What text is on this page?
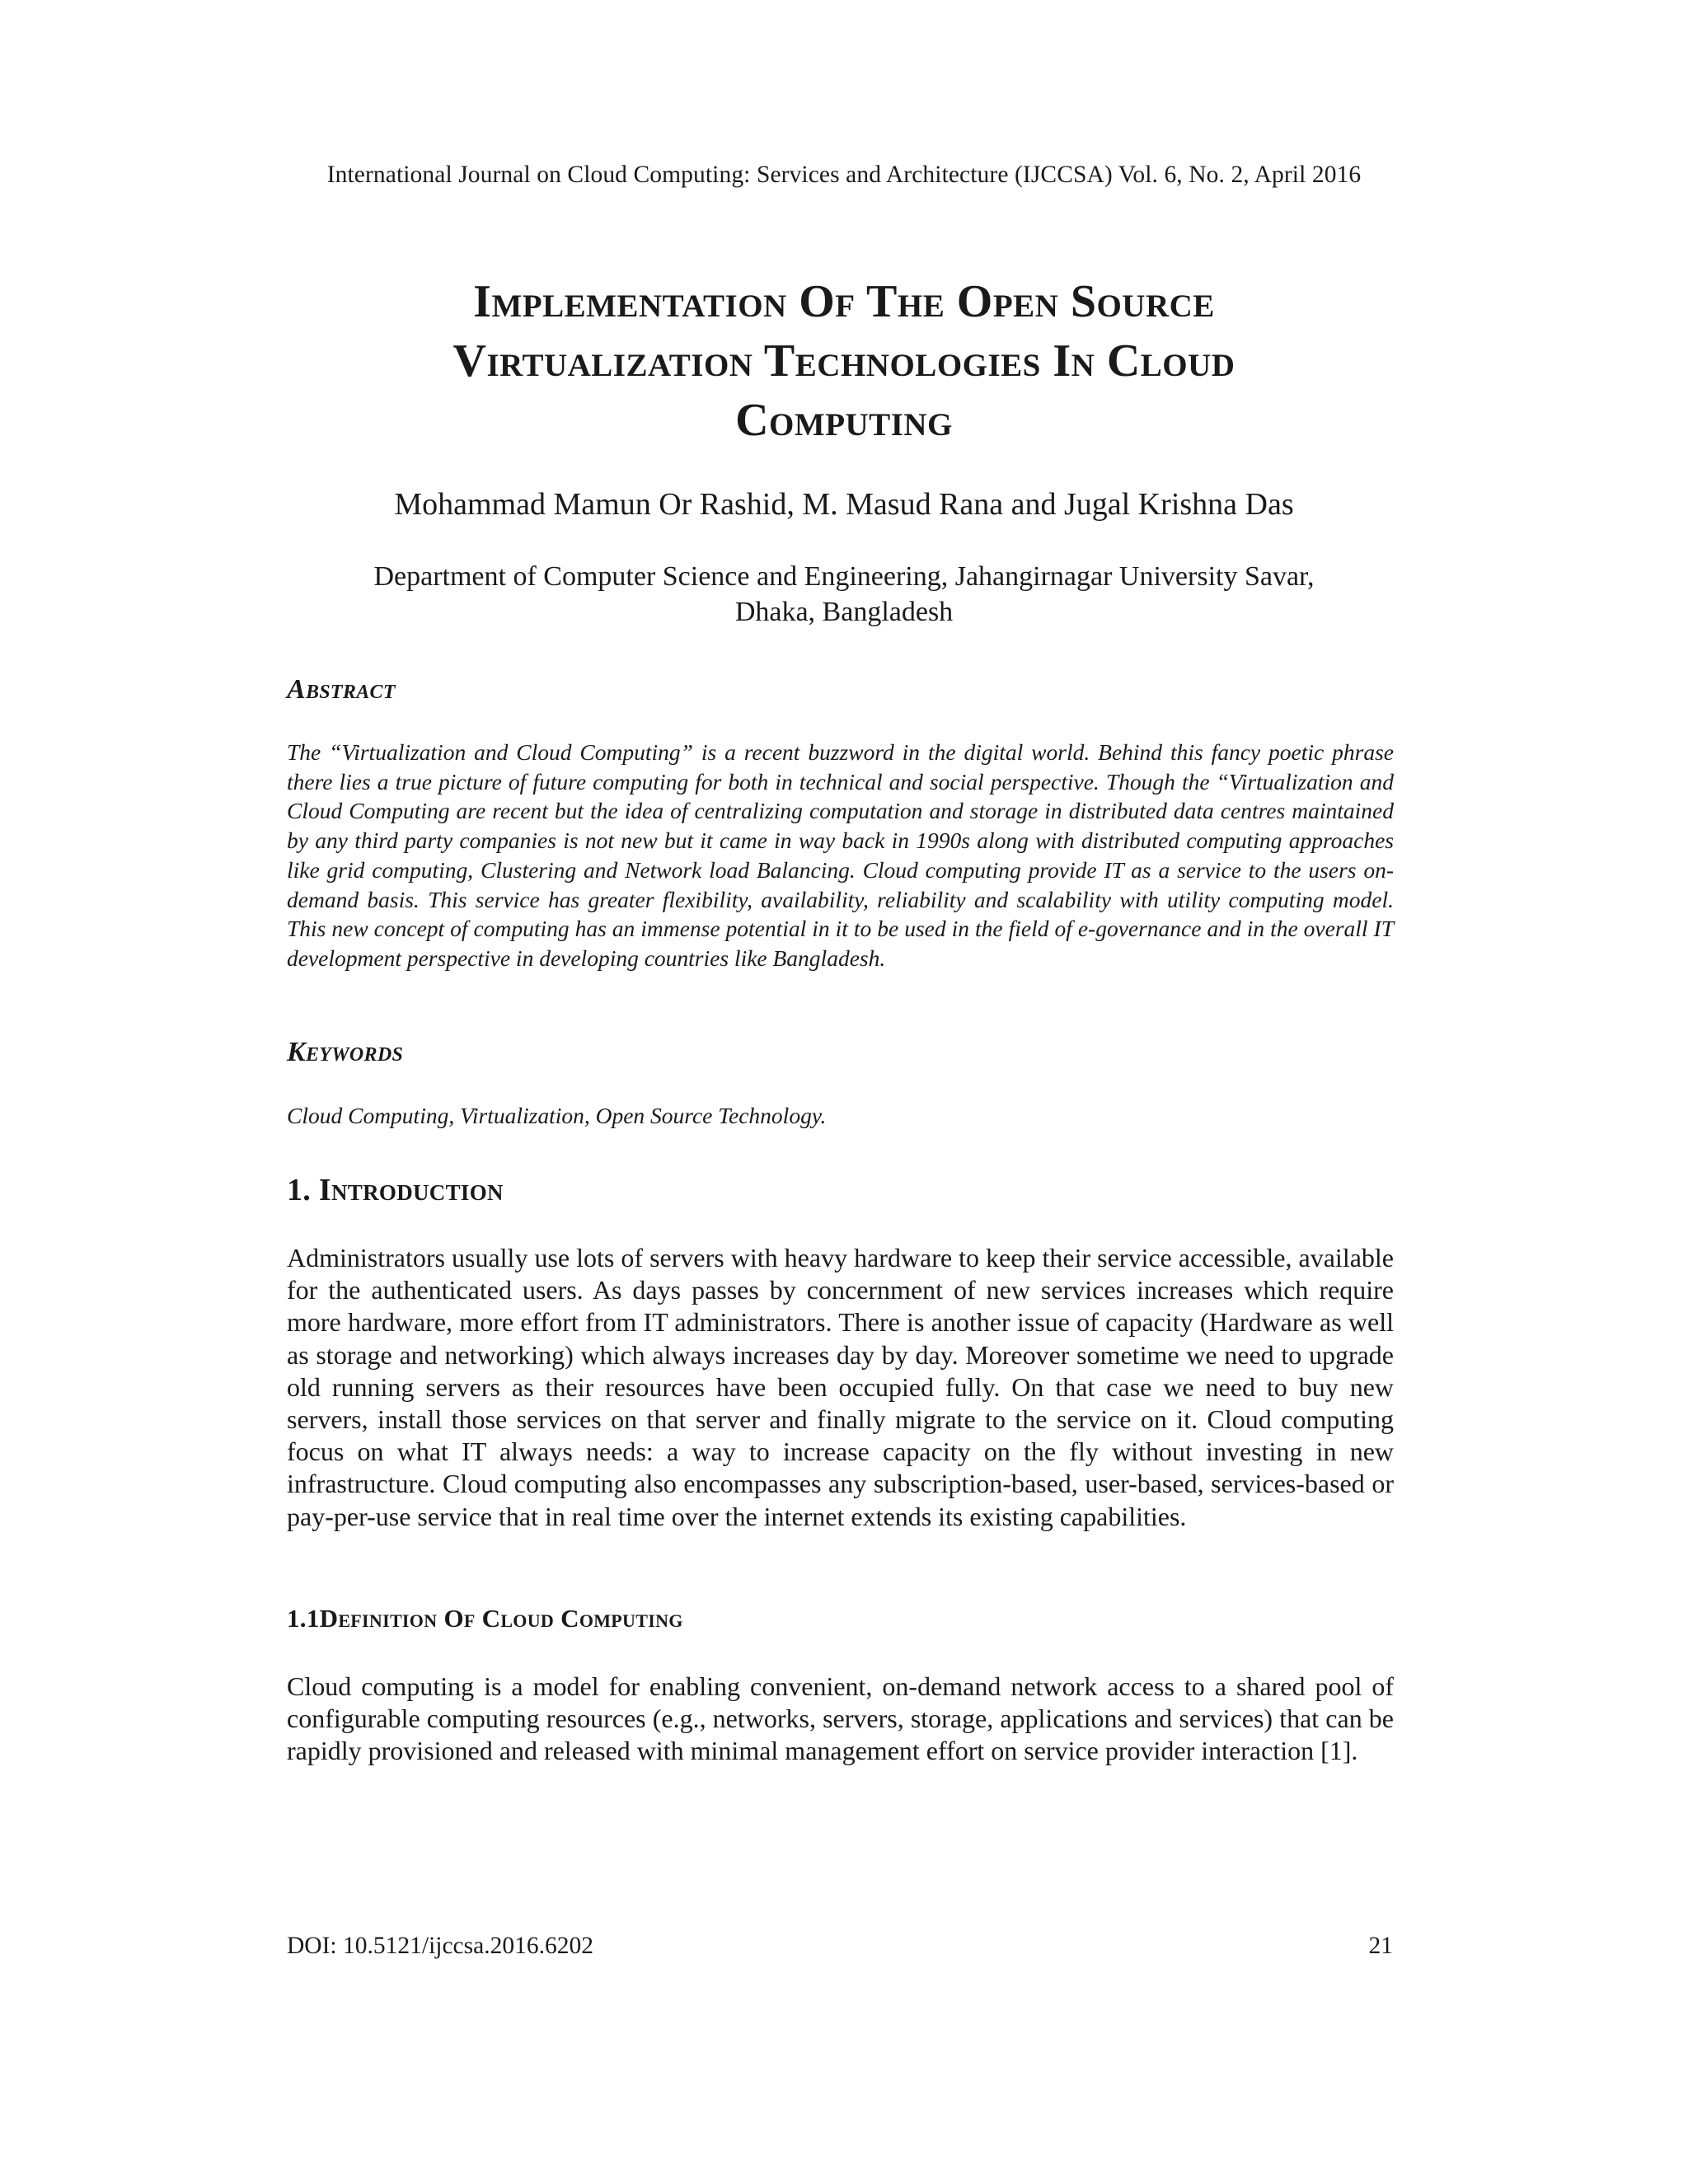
International Journal on Cloud Computing: Services and Architecture (IJCCSA) Vol. 6, No. 2, April 2016
Implementation Of The Open Source
Virtualization Technologies In Cloud
Computing
Mohammad Mamun Or Rashid, M. Masud Rana and Jugal Krishna Das
Department of Computer Science and Engineering, Jahangirnagar University Savar,
Dhaka, Bangladesh
Abstract
The “Virtualization and Cloud Computing” is a recent buzzword in the digital world. Behind this fancy poetic phrase there lies a true picture of future computing for both in technical and social perspective. Though the “Virtualization and Cloud Computing are recent but the idea of centralizing computation and storage in distributed data centres maintained by any third party companies is not new but it came in way back in 1990s along with distributed computing approaches like grid computing, Clustering and Network load Balancing. Cloud computing provide IT as a service to the users on-demand basis. This service has greater flexibility, availability, reliability and scalability with utility computing model. This new concept of computing has an immense potential in it to be used in the field of e-governance and in the overall IT development perspective in developing countries like Bangladesh.
Keywords
Cloud Computing, Virtualization, Open Source Technology.
1. Introduction
Administrators usually use lots of servers with heavy hardware to keep their service accessible, available for the authenticated users. As days passes by concernment of new services increases which require more hardware, more effort from IT administrators. There is another issue of capacity (Hardware as well as storage and networking) which always increases day by day. Moreover sometime we need to upgrade old running servers as their resources have been occupied fully. On that case we need to buy new servers, install those services on that server and finally migrate to the service on it. Cloud computing focus on what IT always needs: a way to increase capacity on the fly without investing in new infrastructure. Cloud computing also encompasses any subscription-based, user-based, services-based or pay-per-use service that in real time over the internet extends its existing capabilities.
1.1Definition Of Cloud Computing
Cloud computing is a model for enabling convenient, on-demand network access to a shared pool of configurable computing resources (e.g., networks, servers, storage, applications and services) that can be rapidly provisioned and released with minimal management effort on service provider interaction [1].
DOI: 10.5121/ijccsa.2016.6202	21
